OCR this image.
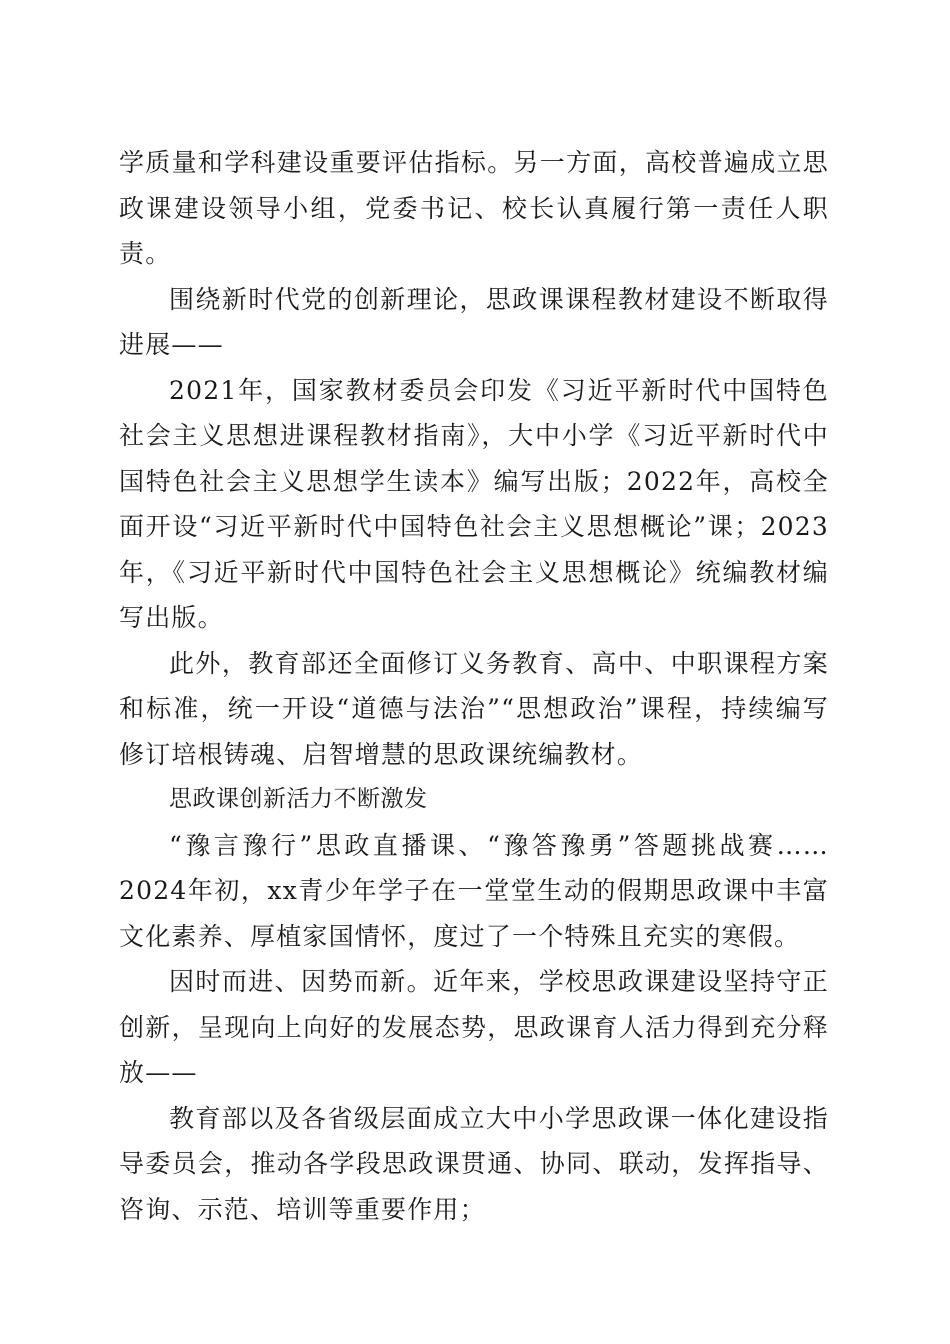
学质量和学科建设重要评估指标。另一方面，高校普遍成立思政课建设领导小组，党委书记、校长认真履行第一责任人职责。

围绕新时代党的创新理论，思政课课程教材建设不断取得进展——

2021年，国家教材委员会印发《习近平新时代中国特色社会主义思想进课程教材指南》，大中小学《习近平新时代中国特色社会主义思想学生读本》编写出版；2022年，高校全面开设“习近平新时代中国特色社会主义思想概论”课；2023年，《习近平新时代中国特色社会主义思想概论》统编教材编写出版。

此外，教育部还全面修订义务教育、高中、中职课程方案和标准，统一开设“道德与法治”“思想政治”课程，持续编写修订培根铸魂、启智增慧的思政课统编教材。

思政课创新活力不断激发

“豫言豫行”思政直播课、“豫答豫勇”答题挑战赛……2024年初，xx青少年学子在一堂堂生动的假期思政课中丰富文化素养、厚植家国情怀，度过了一个特殊且充实的寒假。

因时而进、因势而新。近年来，学校思政课建设坚持守正创新，呈现向上向好的发展态势，思政课育人活力得到充分释放——

教育部以及各省级层面成立大中小学思政课一体化建设指导委员会，推动各学段思政课贯通、协同、联动，发挥指导、咨询、示范、培训等重要作用；
